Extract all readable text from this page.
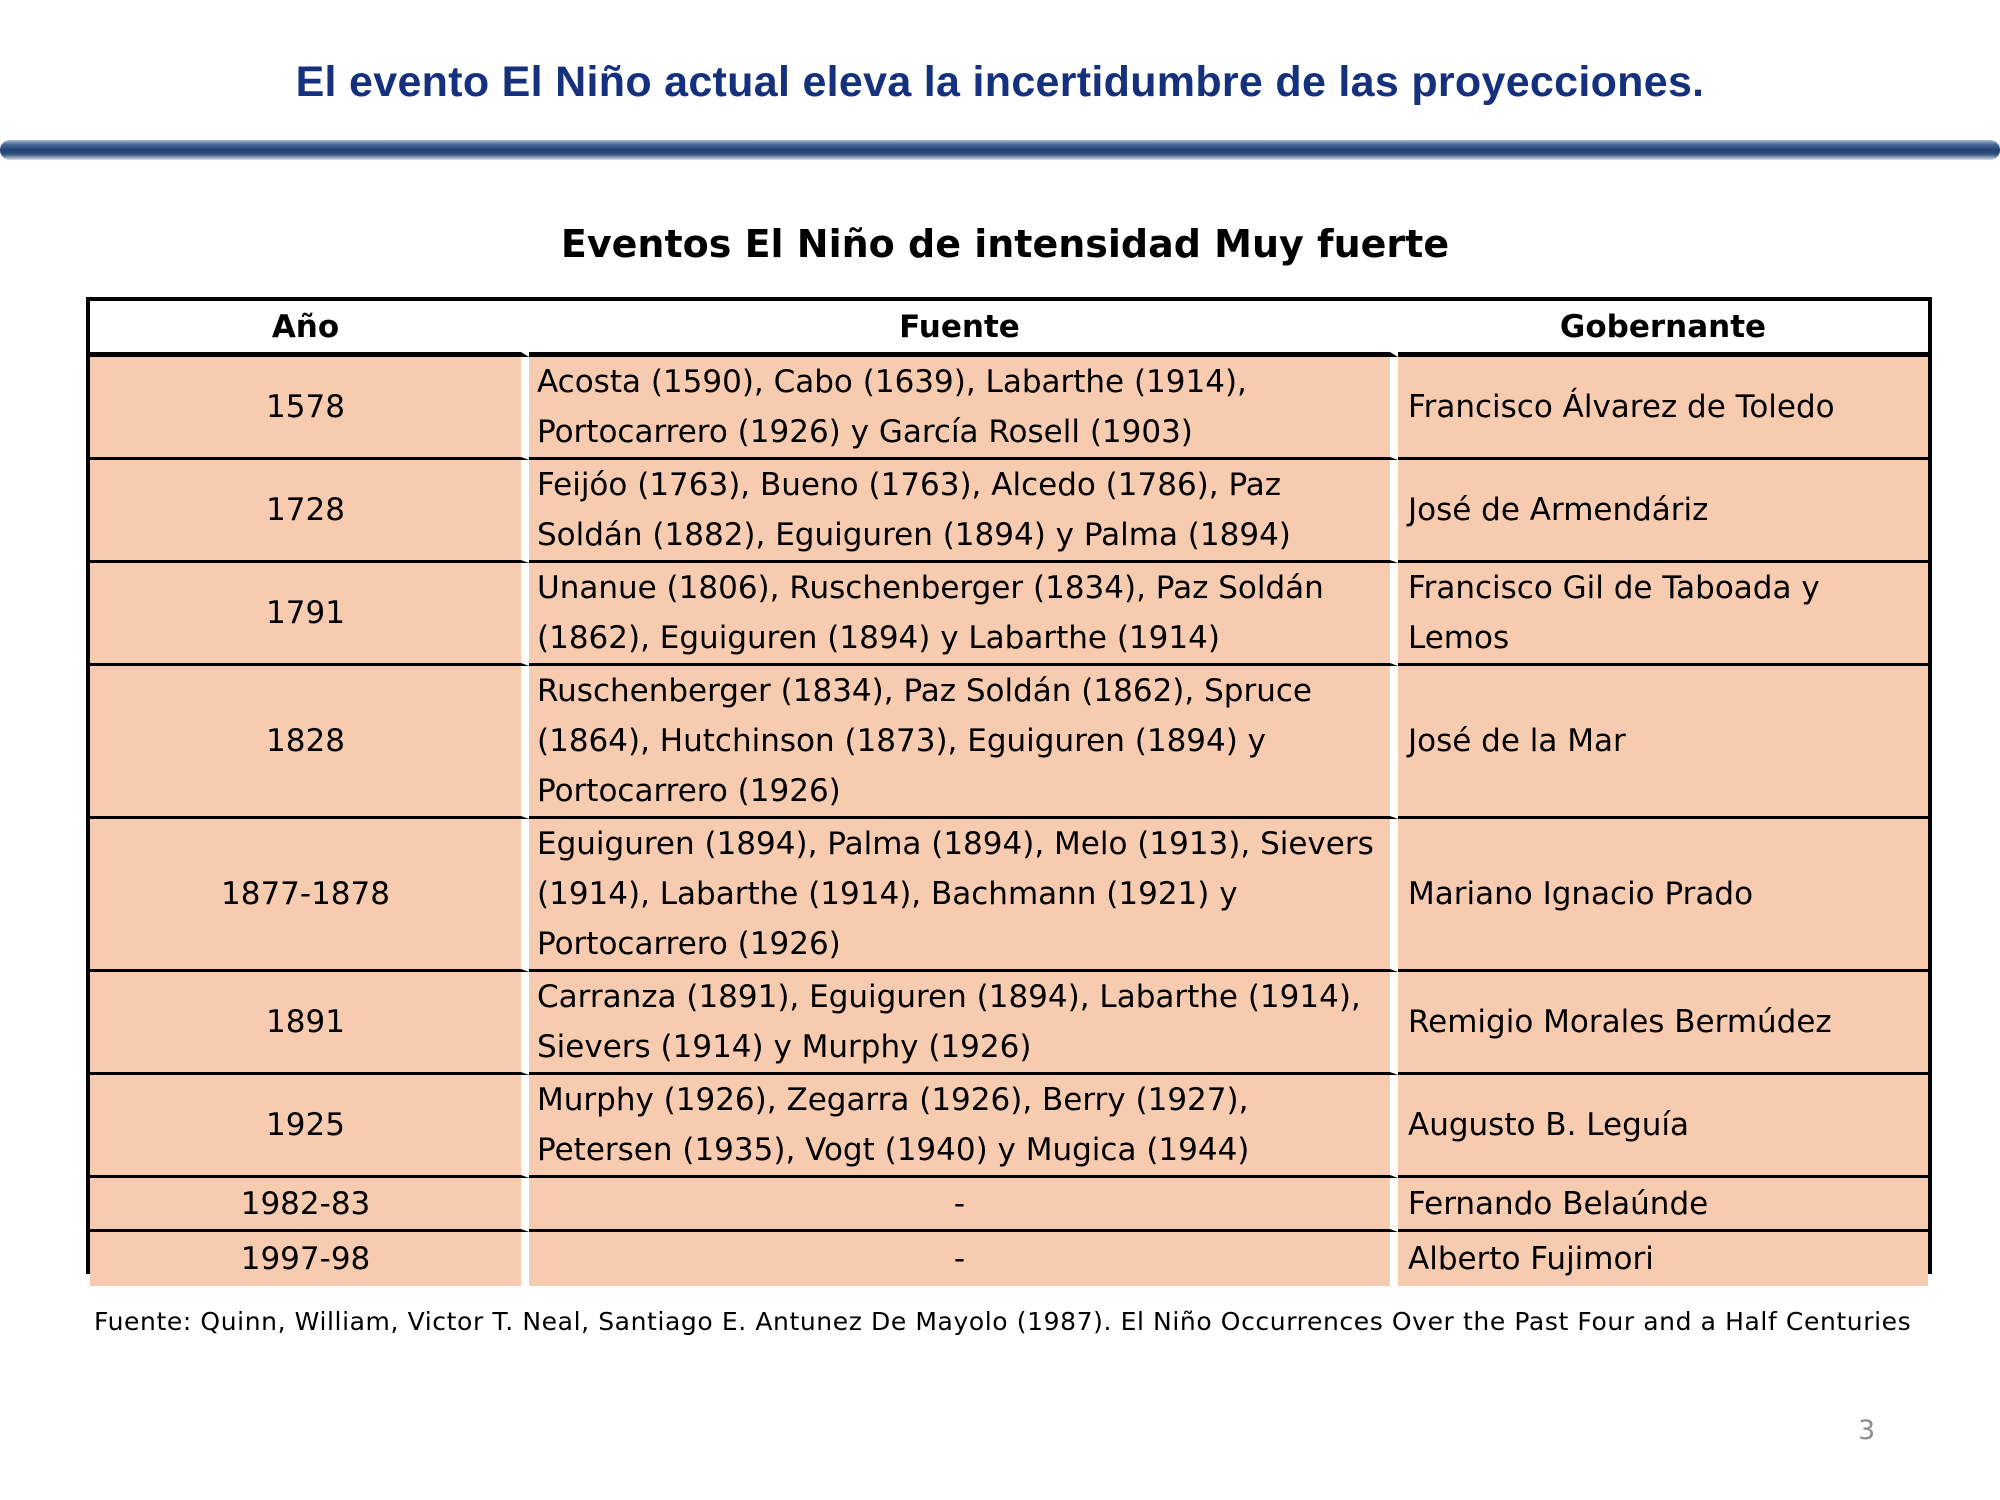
El evento El Niño actual eleva la incertidumbre de las proyecciones.
Eventos El Niño de intensidad Muy fuerte
Año	Fuente	Gobernante
1578	Acosta (1590), Cabo (1639), Labarthe (1914), Portocarrero (1926) y García Rosell (1903)	Francisco Álvarez de Toledo
1728	Feijóo (1763), Bueno (1763), Alcedo (1786), Paz Soldán (1882), Eguiguren (1894) y Palma (1894)	José de Armendáriz
1791	Unanue (1806), Ruschenberger (1834), Paz Soldán (1862), Eguiguren (1894) y Labarthe (1914)	Francisco Gil de Taboada y Lemos
1828	Ruschenberger (1834), Paz Soldán (1862), Spruce (1864), Hutchinson (1873), Eguiguren (1894) y Portocarrero (1926)	José de la Mar
1877-1878	Eguiguren (1894), Palma (1894), Melo (1913), Sievers (1914), Labarthe (1914), Bachmann (1921) y Portocarrero (1926)	Mariano Ignacio Prado
1891	Carranza (1891), Eguiguren (1894), Labarthe (1914), Sievers (1914) y Murphy (1926)	Remigio Morales Bermúdez
1925	Murphy (1926), Zegarra (1926), Berry (1927), Petersen (1935), Vogt (1940) y Mugica (1944)	Augusto B. Leguía
1982-83	-	Fernando Belaúnde
1997-98	-	Alberto Fujimori
Fuente: Quinn, William, Victor T. Neal, Santiago E. Antunez De Mayolo (1987). El Niño Occurrences Over the Past Four and a Half Centuries
3
